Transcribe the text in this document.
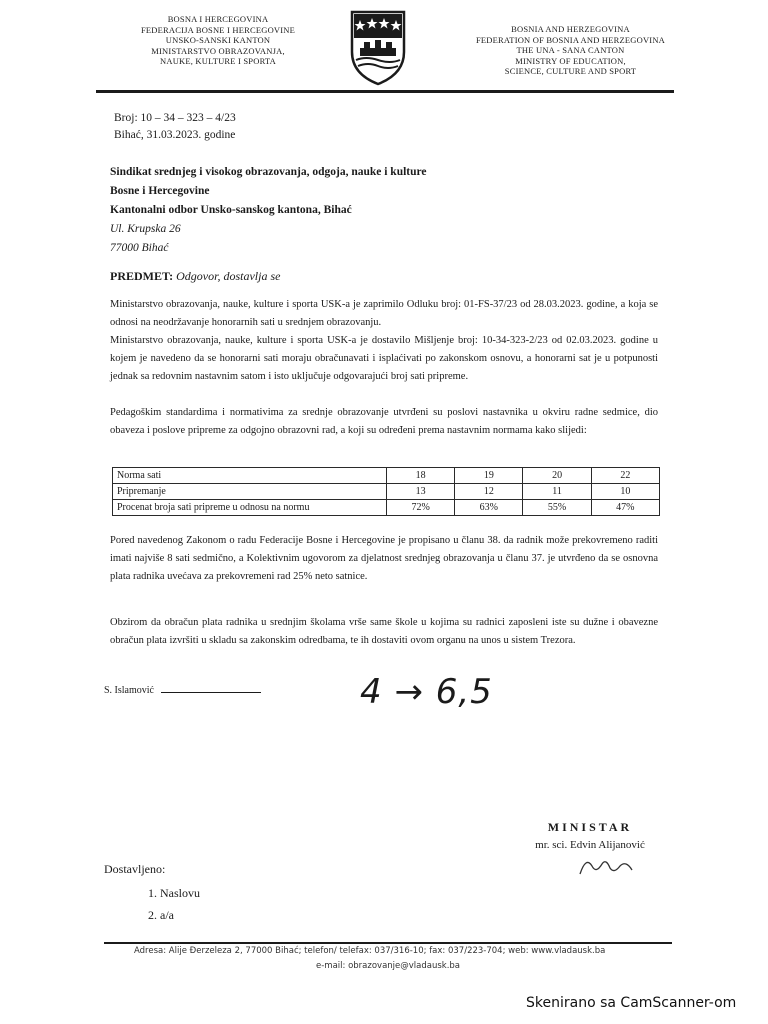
BOSNA I HERCEGOVINA
FEDERACIJA BOSNE I HERCEGOVINE
UNSKO-SANSKI KANTON
MINISTARSTVO OBRAZOVANJA,
NAUKE, KULTURE I SPORTA
BOSNIA AND HERZEGOVINA
FEDERATION OF BOSNIA AND HERZEGOVINA
THE UNA - SANA CANTON
MINISTRY OF EDUCATION,
SCIENCE, CULTURE AND SPORT
Broj: 10 – 34 – 323 – 4/23
Bihać, 31.03.2023. godine
Sindikat srednjeg i visokog obrazovanja, odgoja, nauke i kulture
Bosne i Hercegovine
Kantonalni odbor Unsko-sanskog kantona, Bihać
Ul. Krupska 26
77000 Bihać
PREDMET: Odgovor, dostavlja se
Ministarstvo obrazovanja, nauke, kulture i sporta USK-a je zaprimilo Odluku broj: 01-FS-37/23 od 28.03.2023. godine, a koja se odnosi na neodržavanje honorarnih sati u srednjem obrazovanju.
Ministarstvo obrazovanja, nauke, kulture i sporta USK-a je dostavilo Mišljenje broj: 10-34-323-2/23 od 02.03.2023. godine u kojem je navedeno da se honorarni sati moraju obračunavati i isplaćivati po zakonskom osnovu, a honorarni sat je u potpunosti jednak sa redovnim nastavnim satom i isto uključuje odgovarajući broj sati pripreme.
Pedagoškim standardima i normativima za srednje obrazovanje utvrđeni su poslovi nastavnika u okviru radne sedmice, dio obaveza i poslove pripreme za odgojno obrazovni rad, a koji su određeni prema nastavnim normama kako slijedi:
Norma sati	18	19	20	22
Pripremanje	13	12	11	10
Procenat broja sati pripreme u odnosu na normu	72%	63%	55%	47%
Pored navedenog Zakonom o radu Federacije Bosne i Hercegovine je propisano u članu 38. da radnik može prekovremeno raditi imati najviše 8 sati sedmično, a Kolektivnim ugovorom za djelatnost srednjeg obrazovanja u članu 37. je utvrđeno da se osnovna plata radnika uvećava za prekovremeni rad 25% neto satnice.
Obzirom da obračun plata radnika u srednjim školama vrše same škole u kojima su radnici zaposleni iste su dužne i obavezne obračun plata izvršiti u skladu sa zakonskim odredbama, te ih dostaviti ovom organu na unos u sistem Trezora.
S. Islamović	4 → 6,5
MINISTAR
mr. sci. Edvin Alijanović
Dostavljeno:
1. Naslovu
2. a/a
Adresa: Alije Đerzeleza 2, 77000 Bihać; telefon/ telefax: 037/316-10; fax: 037/223-704; web: www.vladausk.ba
e-mail: obrazovanje@vladausk.ba
Skenirano sa CamScanner-om
